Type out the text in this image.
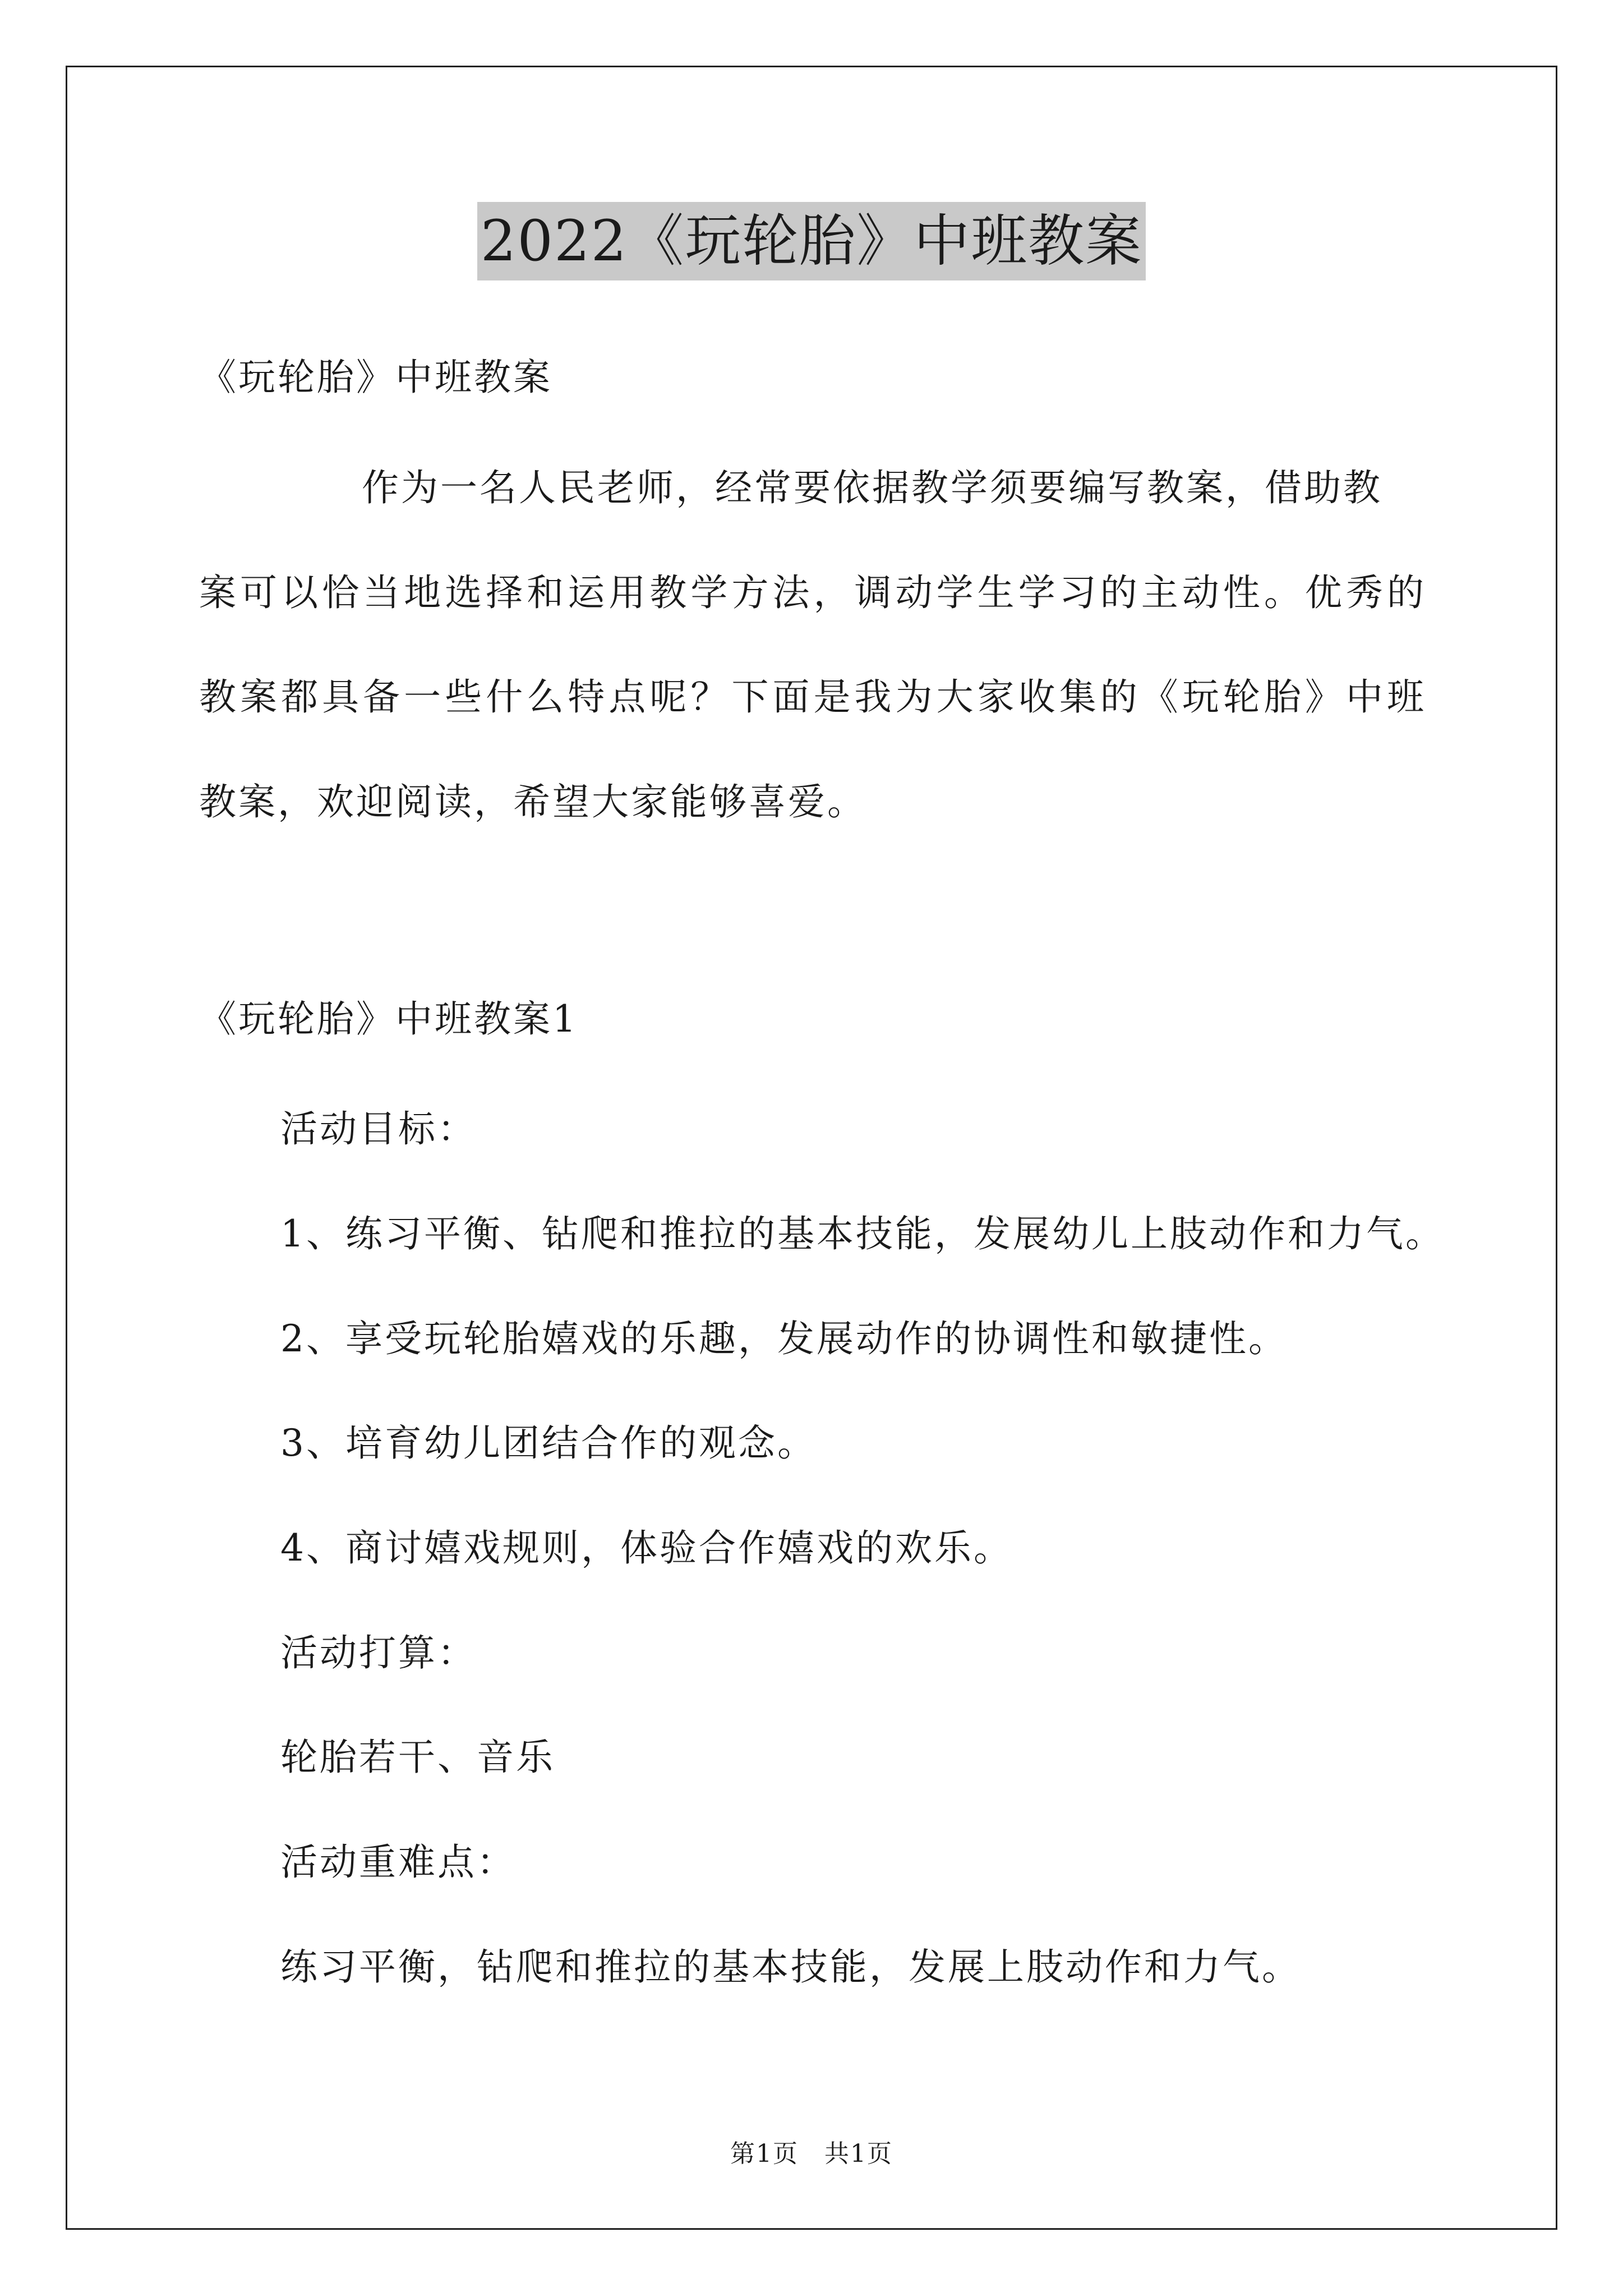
2022《玩轮胎》中班教案
《玩轮胎》中班教案
作为一名人民老师，经常要依据教学须要编写教案，借助教
案可以恰当地选择和运用教学方法，调动学生学习的主动性。优秀的
教案都具备一些什么特点呢？下面是我为大家收集的《玩轮胎》中班
教案，欢迎阅读，希望大家能够喜爱。
《玩轮胎》中班教案1
活动目标：
1、练习平衡、钻爬和推拉的基本技能，发展幼儿上肢动作和力气。
2、享受玩轮胎嬉戏的乐趣，发展动作的协调性和敏捷性。
3、培育幼儿团结合作的观念。
4、商讨嬉戏规则，体验合作嬉戏的欢乐。
活动打算：
轮胎若干、音乐
活动重难点：
练习平衡，钻爬和推拉的基本技能，发展上肢动作和力气。
第1页　共1页
